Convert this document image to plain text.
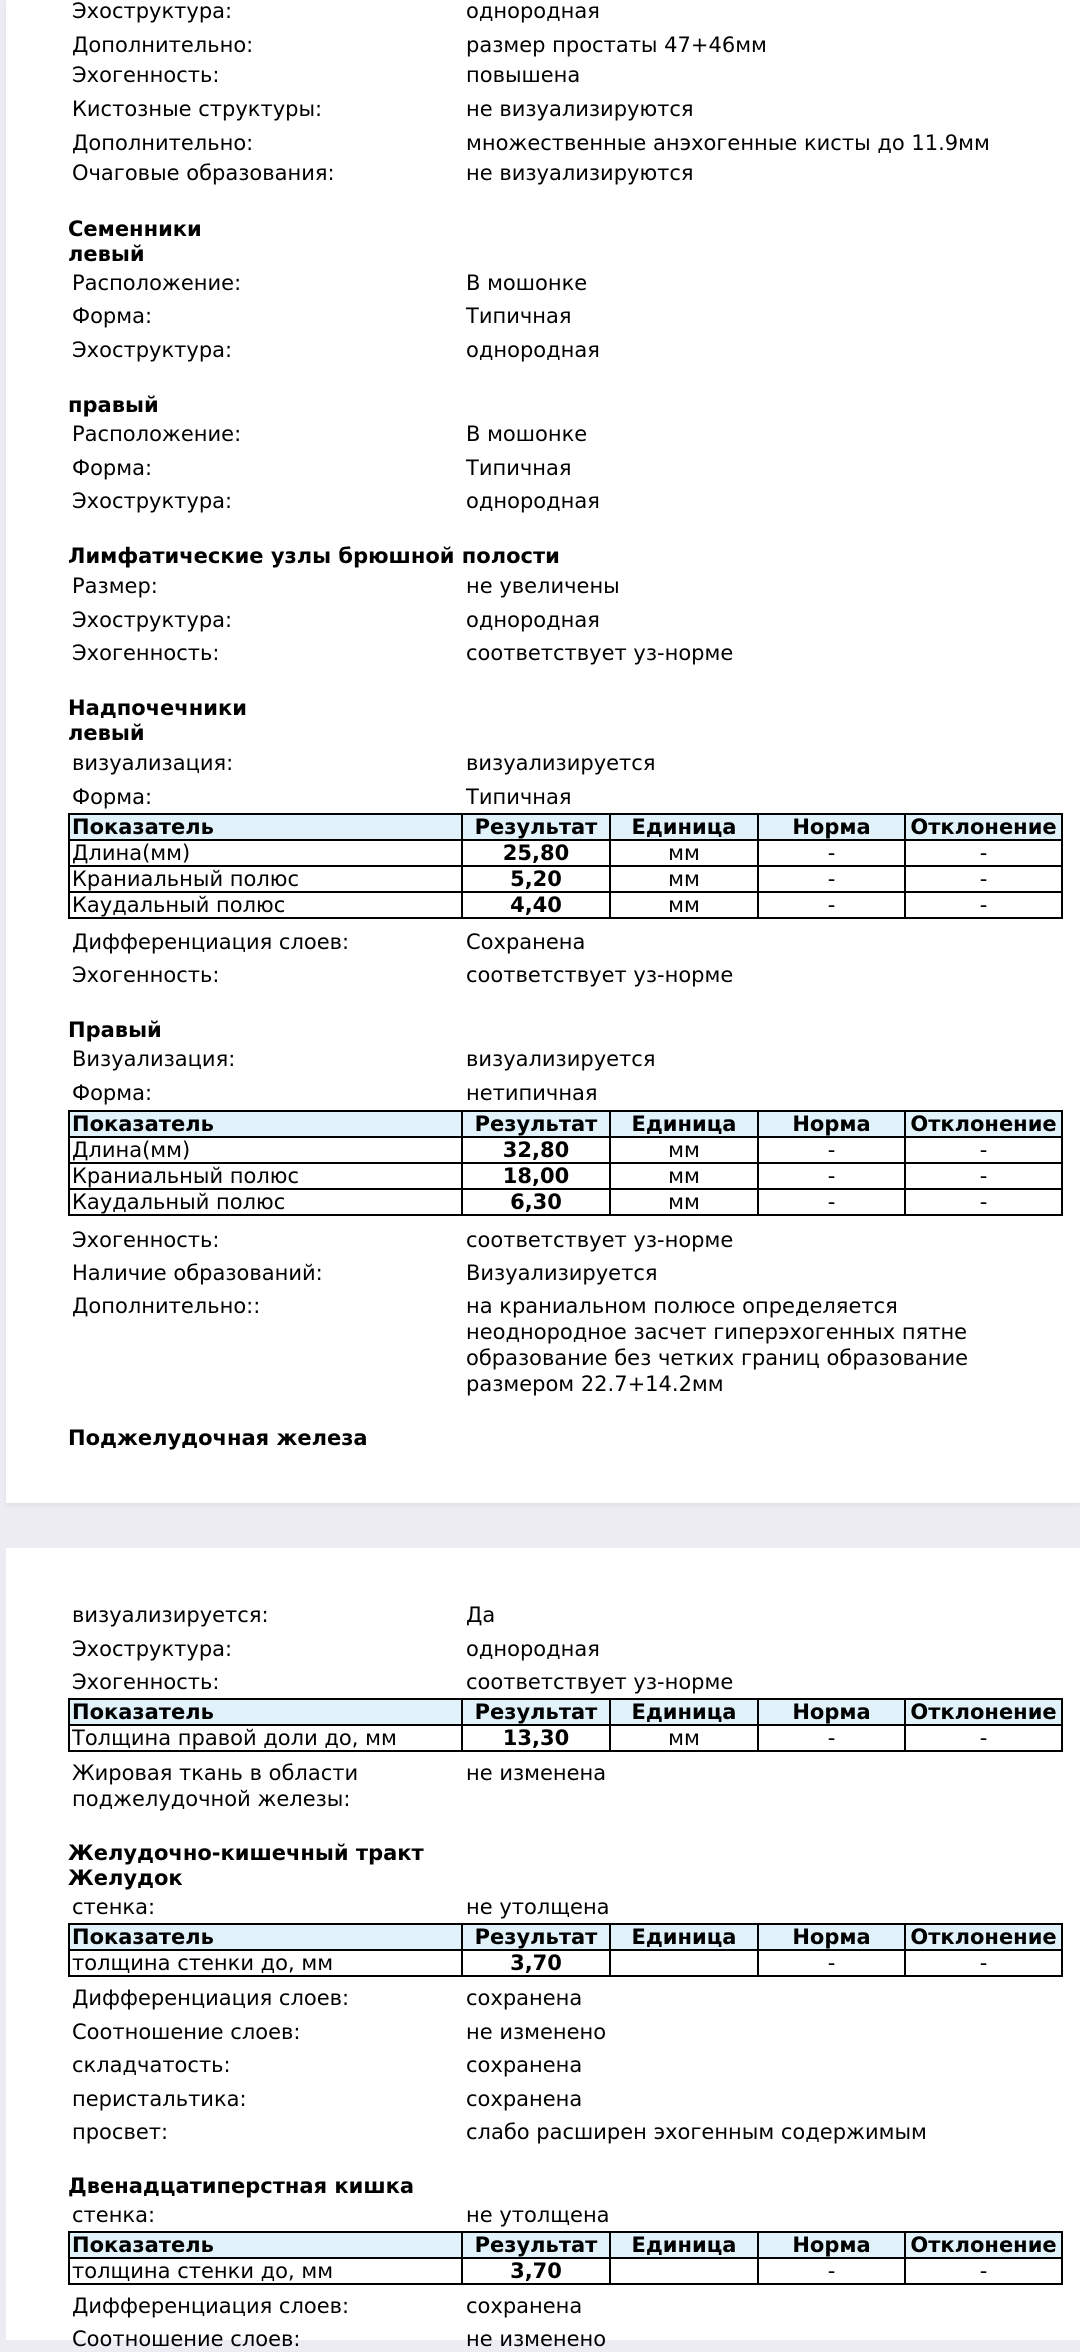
Эхоструктура:	однородная
Дополнительно:	размер простаты 47+46мм
Эхогенность:	повышена
Кистозные структуры:	не визуализируются
Дополнительно:	множественные анэхогенные кисты до 11.9мм
Очаговые образования:	не визуализируются
Семенники
левый
Расположение:	В мошонке
Форма:	Типичная
Эхоструктура:	однородная
правый
Расположение:	В мошонке
Форма:	Типичная
Эхоструктура:	однородная
Лимфатические узлы брюшной полости
Размер:	не увеличены
Эхоструктура:	однородная
Эхогенность:	соответствует уз-норме
Надпочечники
левый
визуализация:	визуализируется
Форма:	Типичная
Показатель	Результат	Единица	Норма	Отклонение
Длина(мм)	25,80	мм	-	-
Краниальный полюс	5,20	мм	-	-
Каудальный полюс	4,40	мм	-	-
Дифференциация слоев:	Сохранена
Эхогенность:	соответствует уз-норме
Правый
Визуализация:	визуализируется
Форма:	нетипичная
Показатель	Результат	Единица	Норма	Отклонение
Длина(мм)	32,80	мм	-	-
Краниальный полюс	18,00	мм	-	-
Каудальный полюс	6,30	мм	-	-
Эхогенность:	соответствует уз-норме
Наличие образований:	Визуализируется
Дополнительно::	на краниальном полюсе определяется неоднородное засчет гиперэхогенных пятне образование без четких границ образование размером 22.7+14.2мм
Поджелудочная железа
визуализируется:	Да
Эхоструктура:	однородная
Эхогенность:	соответствует уз-норме
Показатель	Результат	Единица	Норма	Отклонение
Толщина правой доли до, мм	13,30	мм	-	-
Жировая ткань в области поджелудочной железы:
не изменена
Желудочно-кишечный тракт
Желудок
стенка:	не утолщена
Показатель	Результат	Единица	Норма	Отклонение
толщина стенки до, мм	3,70		-	-
Дифференциация слоев:	сохранена
Соотношение слоев:	не изменено
складчатость:	сохранена
перистальтика:	сохранена
просвет:	слабо расширен эхогенным содержимым
Двенадцатиперстная кишка
стенка:	не утолщена
Показатель	Результат	Единица	Норма	Отклонение
толщина стенки до, мм	3,70		-	-
Дифференциация слоев:	сохранена
Соотношение слоев:	не изменено
